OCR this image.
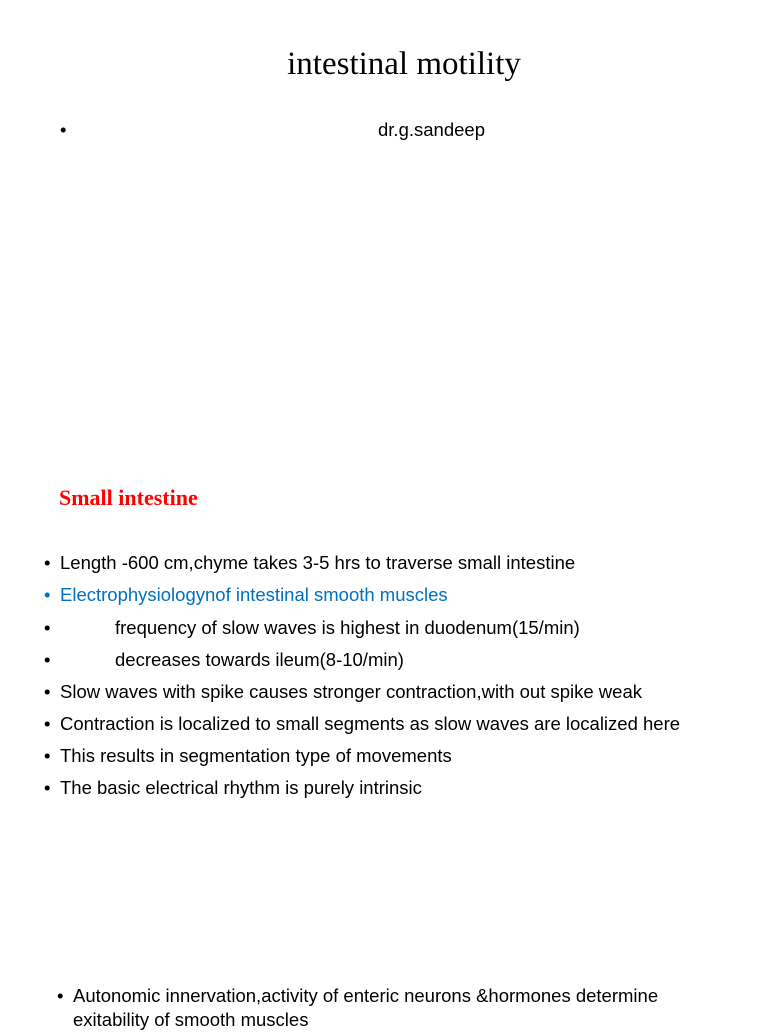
intestinal motility
•	dr.g.sandeep
Small intestine
• Length -600 cm,chyme takes 3-5 hrs to traverse small intestine
• Electrophysiologynof intestinal smooth muscles
•	frequency of slow waves is highest in duodenum(15/min)
•	decreases towards ileum(8-10/min)
• Slow waves with spike causes stronger contraction,with out spike weak
• Contraction is localized to small segments as slow waves are localized here
• This results in segmentation type of movements
• The basic electrical rhythm is purely intrinsic
• Autonomic innervation,activity of enteric neurons &hormones determine exitability of smooth muscles
